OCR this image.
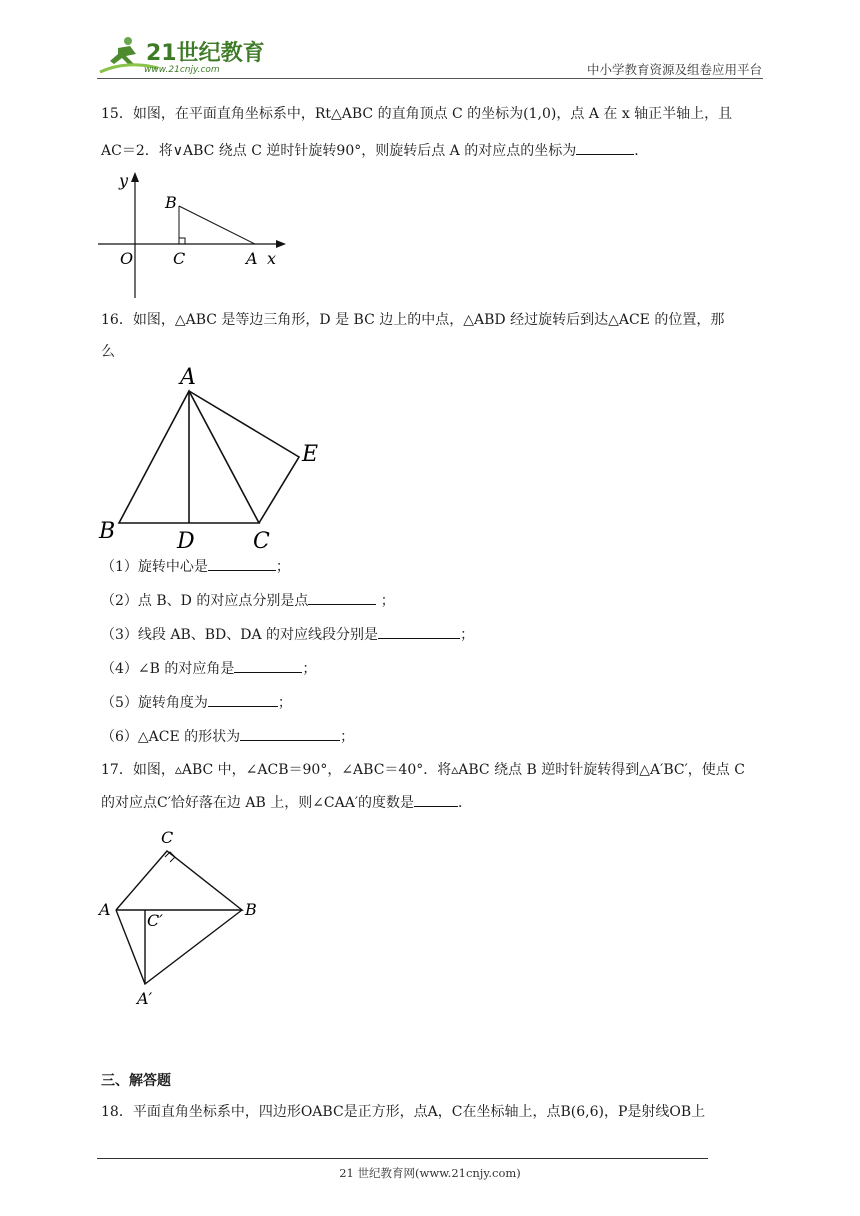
21世纪教育
www.21cnjy.com	中小学教育资源及组卷应用平台
15．如图，在平面直角坐标系中，Rt△ABC 的直角顶点 C 的坐标为(1,0)，点 A 在 x 轴正半轴上，且
AC＝2．将∨ABC 绕点 C 逆时针旋转90°，则旋转后点 A 的对应点的坐标为	．
y
O C	A x
B
16．如图，△ABC 是等边三角形，D 是 BC 边上的中点，△ABD 经过旋转后到达△ACE 的位置，那
么
A
B	D	C
E
（1）旋转中心是	；
（2）点 B、D 的对应点分别是点	；
（3）线段 AB、BD、DA 的对应线段分别是	；
（4）∠B 的对应角是	；
（5）旋转角度为	；
（6）△ACE 的形状为	；
17．如图，▵ABC 中，∠ACB＝90°，∠ABC＝40°．将▵ABC 绕点 B 逆时针旋转得到△A′BC′，使点 C
的对应点C′恰好落在边 AB 上，则∠CAA′的度数是	．
C
A	B
C′
A′
三、解答题
18．平面直角坐标系中，四边形OABC是正方形，点A，C在坐标轴上，点B(6,6)，P是射线OB上
21 世纪教育网(www.21cnjy.com)
